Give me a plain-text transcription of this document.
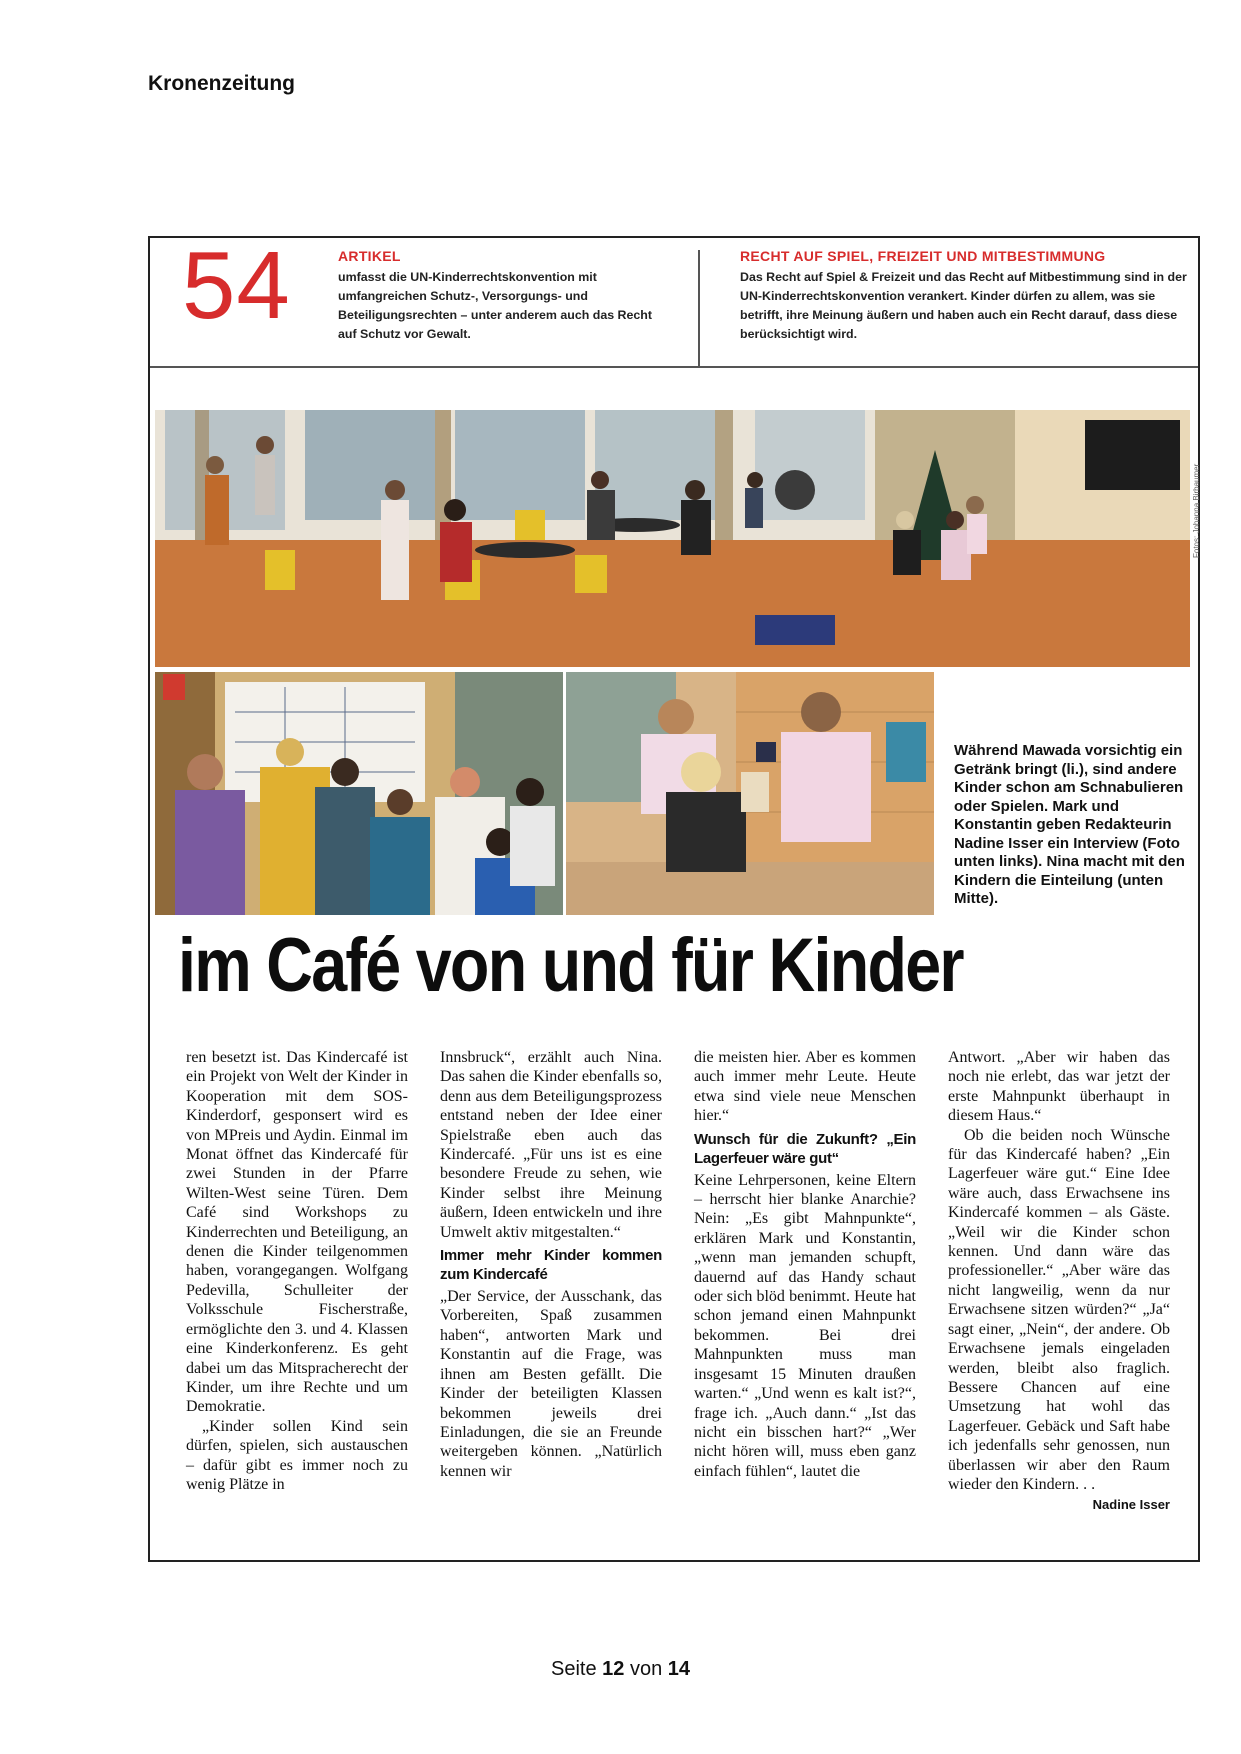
Kronenzeitung
54	ARTIKEL
umfasst die UN-Kinderrechtskonvention mit umfangreichen Schutz-, Versorgungs- und Beteiligungsrechten – unter anderem auch das Recht auf Schutz vor Gewalt.
RECHT AUF SPIEL, FREIZEIT UND MITBESTIMMUNG
Das Recht auf Spiel & Freizeit und das Recht auf Mitbestimmung sind in der UN-Kinderrechtskonvention verankert. Kinder dürfen zu allem, was sie betrifft, ihre Meinung äußern und haben auch ein Recht darauf, dass diese berücksichtigt wird.
Fotos: Johanna Birbaumer
Während Mawada vorsichtig ein Getränk bringt (li.), sind andere Kinder schon am Schnabulieren oder Spielen. Mark und Konstantin geben Redakteurin Nadine Isser ein Interview (Foto unten links). Nina macht mit den Kindern die Einteilung (unten Mitte).
im Café von und für Kinder

ren besetzt ist. Das Kindercafé ist ein Projekt von Welt der Kinder in Kooperation mit dem SOS-Kinderdorf, gesponsert wird es von MPreis und Aydin. Einmal im Monat öffnet das Kindercafé für zwei Stunden in der Pfarre Wilten-West seine Türen. Dem Café sind Workshops zu Kinderrechten und Beteiligung, an denen die Kinder teilgenommen haben, vorangegangen. Wolfgang Pedevilla, Schulleiter der Volksschule Fischerstraße, ermöglichte den 3. und 4. Klassen eine Kinderkonferenz. Es geht dabei um das Mitspracherecht der Kinder, um ihre Rechte und um Demokratie.

„Kinder sollen Kind sein dürfen, spielen, sich austauschen – dafür gibt es immer noch zu wenig Plätze in

Innsbruck“, erzählt auch Nina. Das sahen die Kinder ebenfalls so, denn aus dem Beteiligungsprozess entstand neben der Idee einer Spielstraße eben auch das Kindercafé. „Für uns ist es eine besondere Freude zu sehen, wie Kinder selbst ihre Meinung äußern, Ideen entwickeln und ihre Umwelt aktiv mitgestalten.“

Immer mehr Kinder kommen zum Kindercafé

„Der Service, der Ausschank, das Vorbereiten, Spaß zusammen haben“, antworten Mark und Konstantin auf die Frage, was ihnen am Besten gefällt. Die Kinder der beteiligten Klassen bekommen jeweils drei Einladungen, die sie an Freunde weitergeben können. „Natürlich kennen wir

die meisten hier. Aber es kommen auch immer mehr Leute. Heute etwa sind viele neue Menschen hier.“

Wunsch für die Zukunft? „Ein Lagerfeuer wäre gut“

Keine Lehrpersonen, keine Eltern – herrscht hier blanke Anarchie? Nein: „Es gibt Mahnpunkte“, erklären Mark und Konstantin, „wenn man jemanden schupft, dauernd auf das Handy schaut oder sich blöd benimmt. Heute hat schon jemand einen Mahnpunkt bekommen. Bei drei Mahnpunkten muss man insgesamt 15 Minuten draußen warten.“ „Und wenn es kalt ist?“, frage ich. „Auch dann.“ „Ist das nicht ein bisschen hart?“ „Wer nicht hören will, muss eben ganz einfach fühlen“, lautet die

Antwort. „Aber wir haben das noch nie erlebt, das war jetzt der erste Mahnpunkt überhaupt in diesem Haus.“

Ob die beiden noch Wünsche für das Kindercafé haben? „Ein Lagerfeuer wäre gut.“ Eine Idee wäre auch, dass Erwachsene ins Kindercafé kommen – als Gäste. „Weil wir die Kinder schon kennen. Und dann wäre das professioneller.“ „Aber wäre das nicht langweilig, wenn da nur Erwachsene sitzen würden?“ „Ja“ sagt einer, „Nein“, der andere. Ob Erwachsene jemals eingeladen werden, bleibt also fraglich. Bessere Chancen auf eine Umsetzung hat wohl das Lagerfeuer. Gebäck und Saft habe ich jedenfalls sehr genossen, nun überlassen wir aber den Raum wieder den Kindern. . .

Nadine Isser
Seite 12 von 14
